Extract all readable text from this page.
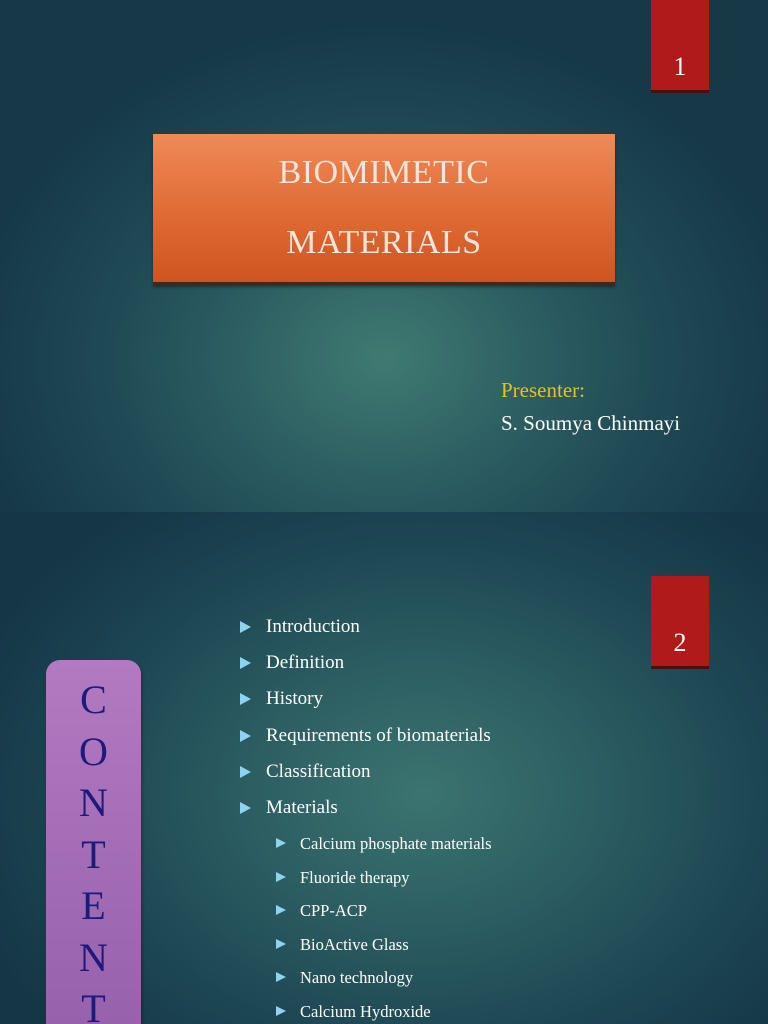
1
BIOMIMETIC
MATERIALS
Presenter:
S. Soumya Chinmayi
2
C
O
N
T
E
N
T
Introduction
Definition
History
Requirements of biomaterials
Classification
Materials
Calcium phosphate materials
Fluoride therapy
CPP-ACP
BioActive Glass
Nano technology
Calcium Hydroxide
